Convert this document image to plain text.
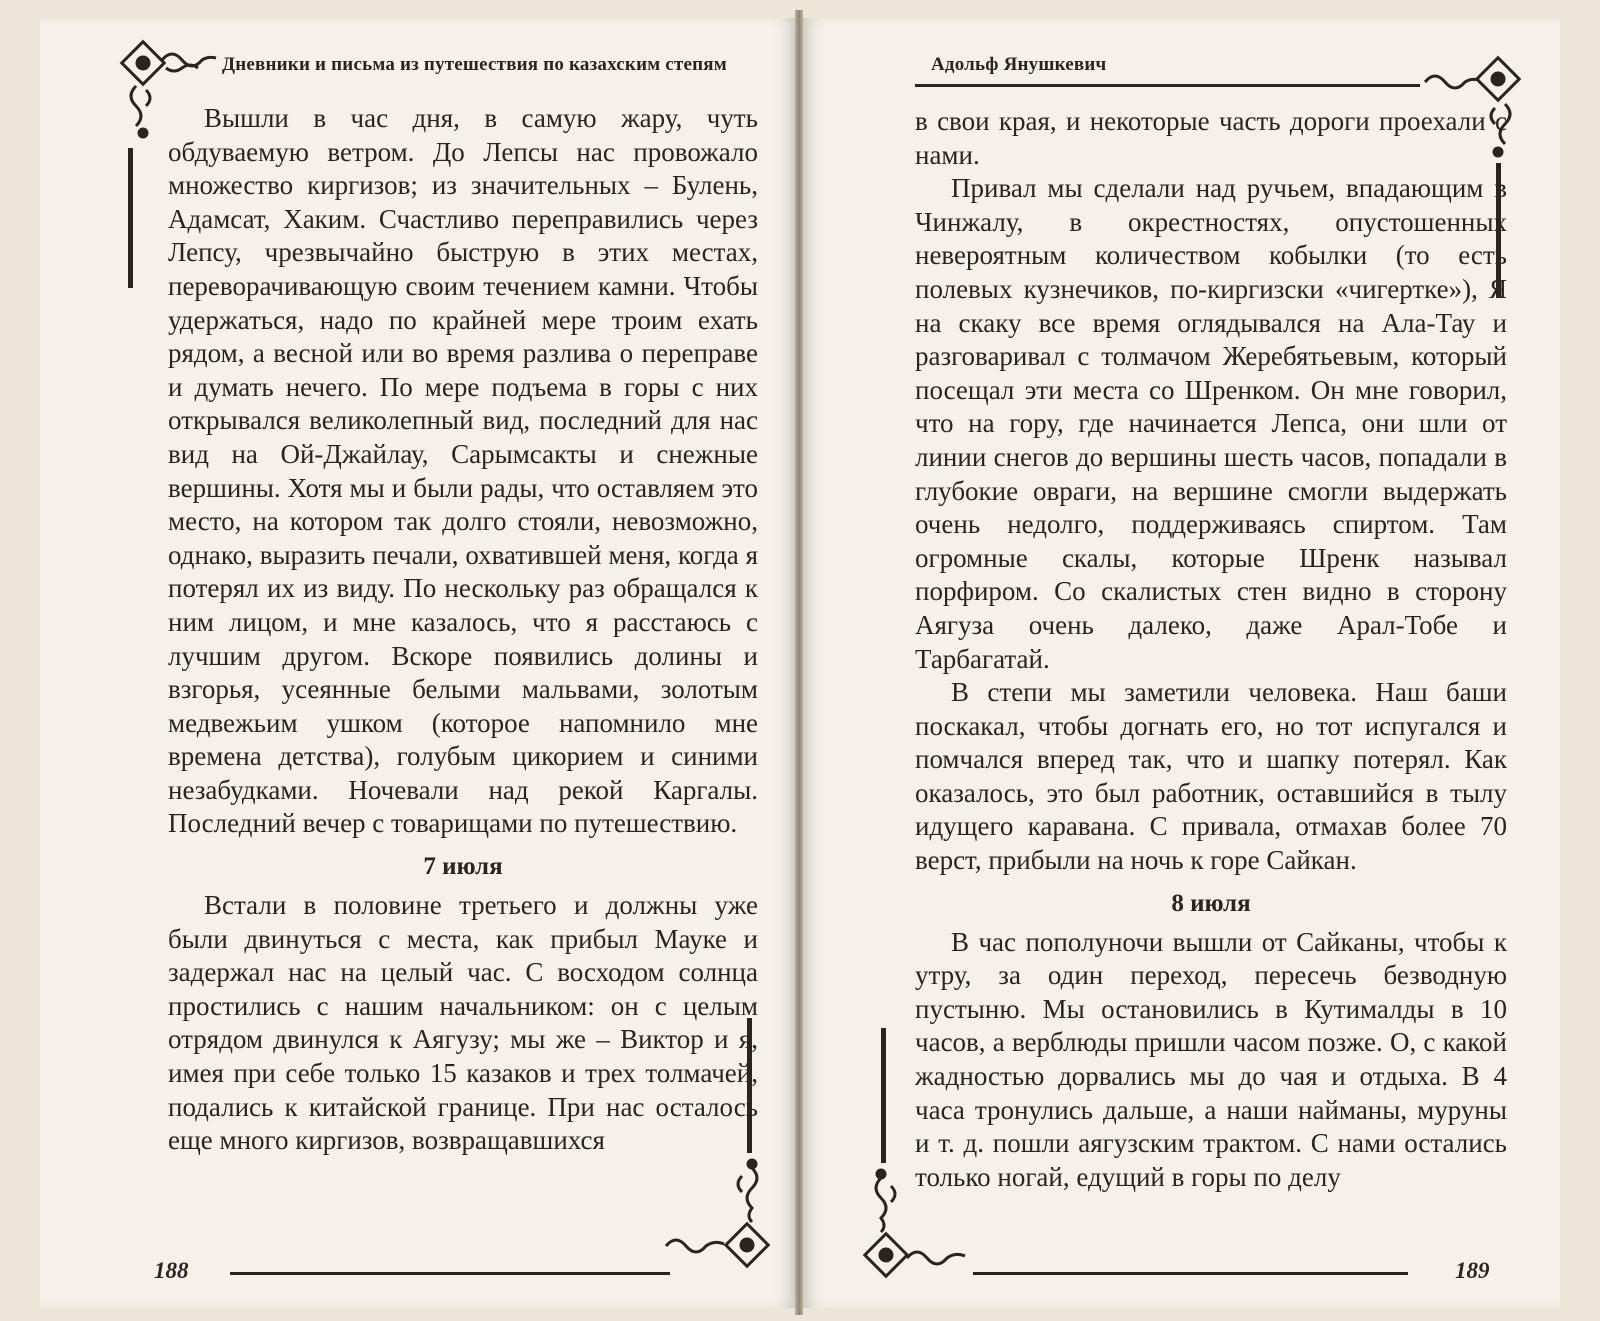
Дневники и письма из путешествия по казахским степям

Вышли в час дня, в самую жару, чуть обдуваемую ветром. До Лепсы нас провожало множество киргизов; из значительных – Булень, Адамсат, Хаким. Счастливо переправились через Лепсу, чрезвычайно быструю в этих местах, переворачивающую своим течением камни. Чтобы удержаться, надо по крайней мере троим ехать рядом, а весной или во время разлива о переправе и думать нечего. По мере подъема в горы с них открывался великолепный вид, последний для нас вид на Ой-Джайлау, Сарымсакты и снежные вершины. Хотя мы и были рады, что оставляем это место, на котором так долго стояли, невозможно, однако, выразить печали, охватившей меня, когда я потерял их из виду. По нескольку раз обращался к ним лицом, и мне казалось, что я расстаюсь с лучшим другом. Вскоре появились долины и взгорья, усеянные белыми мальвами, золотым медвежьим ушком (которое напомнило мне времена детства), голубым цикорием и синими незабудками. Ночевали над рекой Каргалы. Последний вечер с товарищами по путешествию.

7 июля

Встали в половине третьего и должны уже были двинуться с места, как прибыл Мауке и задержал нас на целый час. С восходом солнца простились с нашим начальником: он с целым отрядом двинулся к Аягузу; мы же – Виктор и я, имея при себе только 15 казаков и трех толмачей, подались к китайской границе. При нас осталось еще много киргизов, возвращавшихся

188
Адольф Янушкевич

в свои края, и некоторые часть дороги проехали с нами.

Привал мы сделали над ручьем, впадающим в Чинжалу, в окрестностях, опустошенных невероятным количеством кобылки (то есть полевых кузнечиков, по-киргизски «чигертке»), Я на скаку все время оглядывался на Ала-Тау и разговаривал с толмачом Жеребятьевым, который посещал эти места со Шренком. Он мне говорил, что на гору, где начинается Лепса, они шли от линии снегов до вершины шесть часов, попадали в глубокие овраги, на вершине смогли выдержать очень недолго, поддерживаясь спиртом. Там огромные скалы, которые Шренк называл порфиром. Со скалистых стен видно в сторону Аягуза очень далеко, даже Арал-Тобе и Тарбагатай.

В степи мы заметили человека. Наш баши поскакал, чтобы догнать его, но тот испугался и помчался вперед так, что и шапку потерял. Как оказалось, это был работник, оставшийся в тылу идущего каравана. С привала, отмахав более 70 верст, прибыли на ночь к горе Сайкан.

8 июля

В час пополуночи вышли от Сайканы, чтобы к утру, за один переход, пересечь безводную пустыню. Мы остановились в Кутималды в 10 часов, а верблюды пришли часом позже. О, с какой жадностью дорвались мы до чая и отдыха. В 4 часа тронулись дальше, а наши найманы, муруны и т. д. пошли аягузским трактом. С нами остались только ногай, едущий в горы по делу

189
